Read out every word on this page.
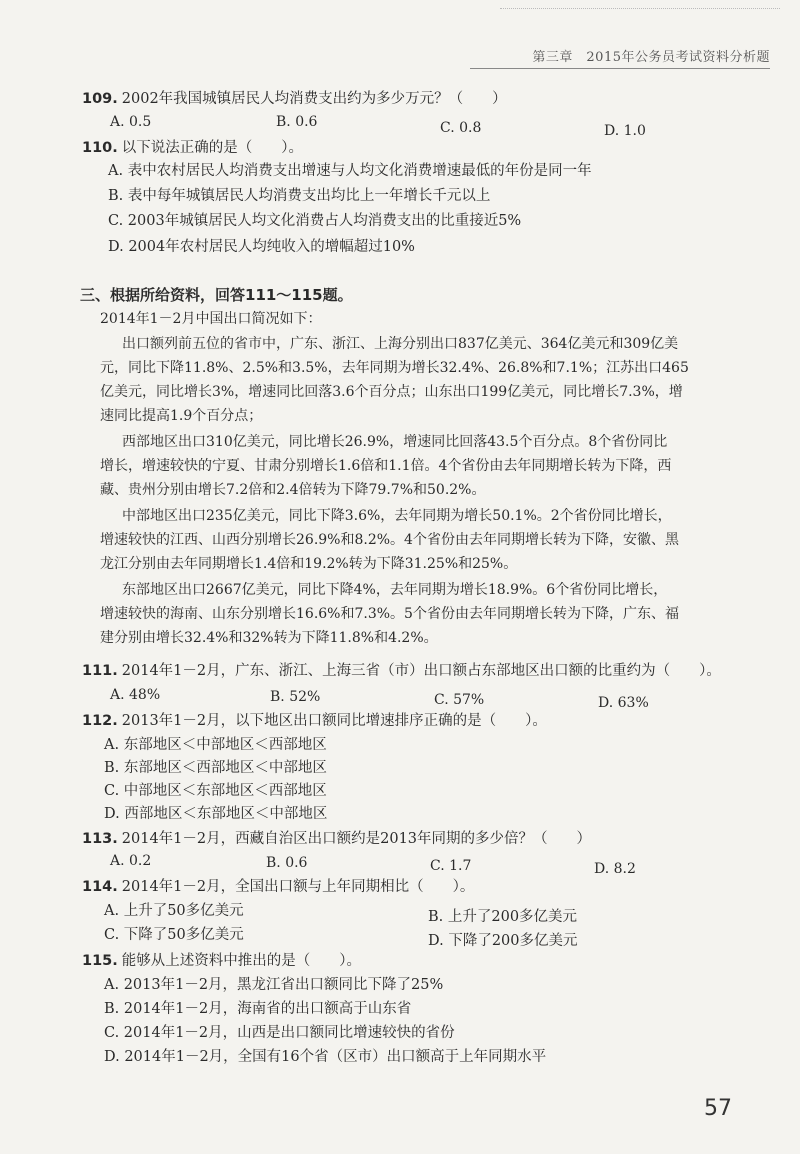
第三章　2015年公务员考试资料分析题
109. 2002年我国城镇居民人均消费支出约为多少万元？（　　）
A. 0.5	B. 0.6	C. 0.8	D. 1.0
110. 以下说法正确的是（　　）。
A. 表中农村居民人均消费支出增速与人均文化消费增速最低的年份是同一年
B. 表中每年城镇居民人均消费支出均比上一年增长千元以上
C. 2003年城镇居民人均文化消费占人均消费支出的比重接近5%
D. 2004年农村居民人均纯收入的增幅超过10%
三、根据所给资料，回答111～115题。
2014年1－2月中国出口简况如下：
出口额列前五位的省市中，广东、浙江、上海分别出口837亿美元、364亿美元和309亿美
元，同比下降11.8%、2.5%和3.5%，去年同期为增长32.4%、26.8%和7.1%；江苏出口465
亿美元，同比增长3%，增速同比回落3.6个百分点；山东出口199亿美元，同比增长7.3%，增
速同比提高1.9个百分点；
西部地区出口310亿美元，同比增长26.9%，增速同比回落43.5个百分点。8个省份同比
增长，增速较快的宁夏、甘肃分别增长1.6倍和1.1倍。4个省份由去年同期增长转为下降，西
藏、贵州分别由增长7.2倍和2.4倍转为下降79.7%和50.2%。
中部地区出口235亿美元，同比下降3.6%，去年同期为增长50.1%。2个省份同比增长，
增速较快的江西、山西分别增长26.9%和8.2%。4个省份由去年同期增长转为下降，安徽、黑
龙江分别由去年同期增长1.4倍和19.2%转为下降31.25%和25%。
东部地区出口2667亿美元，同比下降4%，去年同期为增长18.9%。6个省份同比增长，
增速较快的海南、山东分别增长16.6%和7.3%。5个省份由去年同期增长转为下降，广东、福
建分别由增长32.4%和32%转为下降11.8%和4.2%。
111. 2014年1－2月，广东、浙江、上海三省（市）出口额占东部地区出口额的比重约为（　　）。
A. 48%	B. 52%	C. 57%	D. 63%
112. 2013年1－2月，以下地区出口额同比增速排序正确的是（　　）。
A. 东部地区＜中部地区＜西部地区
B. 东部地区＜西部地区＜中部地区
C. 中部地区＜东部地区＜西部地区
D. 西部地区＜东部地区＜中部地区
113. 2014年1－2月，西藏自治区出口额约是2013年同期的多少倍？（　　）
A. 0.2	B. 0.6	C. 1.7	D. 8.2
114. 2014年1－2月，全国出口额与上年同期相比（　　）。
A. 上升了50多亿美元	B. 上升了200多亿美元
C. 下降了50多亿美元	D. 下降了200多亿美元
115. 能够从上述资料中推出的是（　　）。
A. 2013年1－2月，黑龙江省出口额同比下降了25%
B. 2014年1－2月，海南省的出口额高于山东省
C. 2014年1－2月，山西是出口额同比增速较快的省份
D. 2014年1－2月，全国有16个省（区市）出口额高于上年同期水平
57
